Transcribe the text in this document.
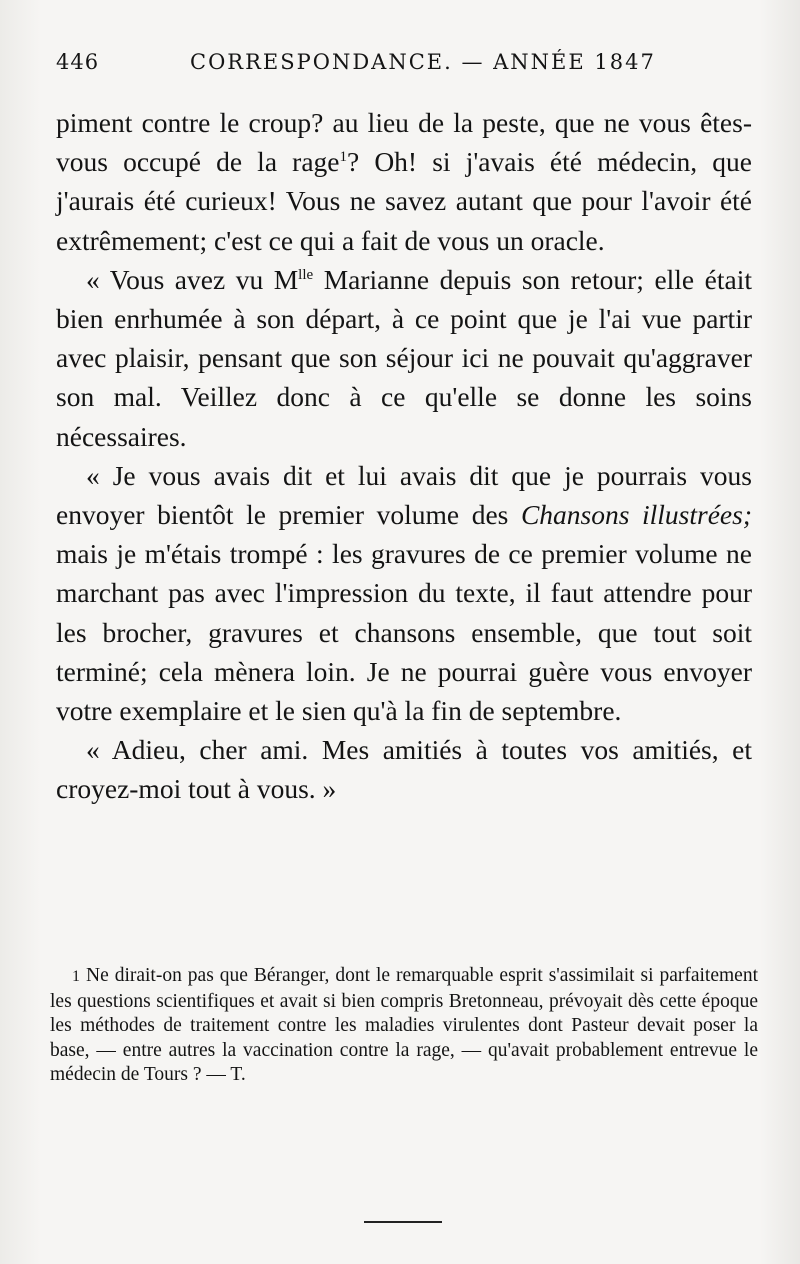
446	CORRESPONDANCE. — ANNÉE 1847

piment contre le croup? au lieu de la peste, que ne vous êtes-vous occupé de la rage$^1$? Oh! si j'avais été médecin, que j'aurais été curieux! Vous ne savez autant que pour l'avoir été extrêmement; c'est ce qui a fait de vous un oracle.

« Vous avez vu $M^{lle}$ Marianne depuis son retour; elle était bien enrhumée à son départ, à ce point que je l'ai vue partir avec plaisir, pensant que son séjour ici ne pouvait qu'aggraver son mal. Veillez donc à ce qu'elle se donne les soins nécessaires.

« Je vous avais dit et lui avais dit que je pourrais vous envoyer bientôt le premier volume des Chansons illustrées; mais je m'étais trompé : les gravures de ce premier volume ne marchant pas avec l'impression du texte, il faut attendre pour les brocher, gravures et chansons ensemble, que tout soit terminé; cela mènera loin. Je ne pourrai guère vous envoyer votre exemplaire et le sien qu'à la fin de septembre.

« Adieu, cher ami. Mes amitiés à toutes vos amitiés, et croyez-moi tout à vous. »

1 Ne dirait-on pas que Béranger, dont le remarquable esprit s'assimilait si parfaitement les questions scientifiques et avait si bien compris Bretonneau, prévoyait dès cette époque les méthodes de traitement contre les maladies virulentes dont Pasteur devait poser la base, — entre autres la vaccination contre la rage, — qu'avait probablement entrevue le médecin de Tours ? — T.
